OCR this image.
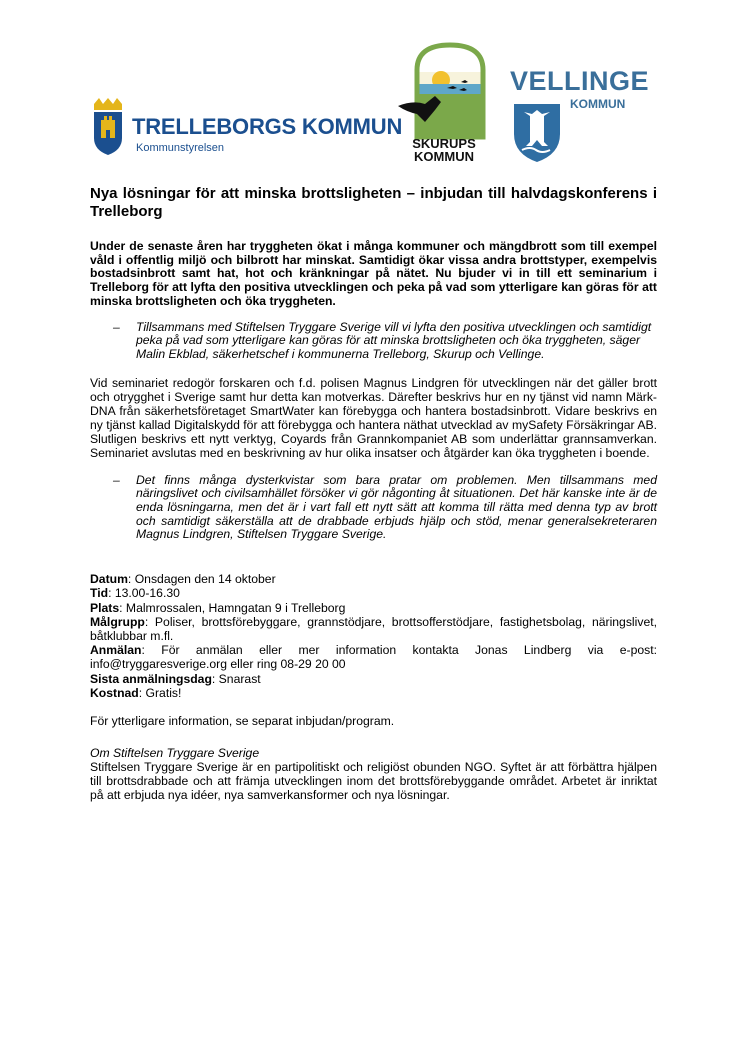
TRELLEBORGS KOMMUN
Kommunstyrelsen	SKURUPS
KOMMUN
VELLINGE
KOMMUN
Nya lösningar för att minska brottsligheten – inbjudan till halvdagskonferens i Trelleborg

Under de senaste åren har tryggheten ökat i många kommuner och mängdbrott som till exempel våld i offentlig miljö och bilbrott har minskat. Samtidigt ökar vissa andra brottstyper, exempelvis bostadsinbrott samt hat, hot och kränkningar på nätet. Nu bjuder vi in till ett seminarium i Trelleborg för att lyfta den positiva utvecklingen och peka på vad som ytterligare kan göras för att minska brottsligheten och öka tryggheten.

– Tillsammans med Stiftelsen Tryggare Sverige vill vi lyfta den positiva utvecklingen och samtidigt peka på vad som ytterligare kan göras för att minska brottsligheten och öka tryggheten, säger Malin Ekblad, säkerhetschef i kommunerna Trelleborg, Skurup och Vellinge.

Vid seminariet redogör forskaren och f.d. polisen Magnus Lindgren för utvecklingen när det gäller brott och otrygghet i Sverige samt hur detta kan motverkas. Därefter beskrivs hur en ny tjänst vid namn Märk-DNA från säkerhetsföretaget SmartWater kan förebygga och hantera bostadsinbrott. Vidare beskrivs en ny tjänst kallad Digitalskydd för att förebygga och hantera näthat utvecklad av mySafety Försäkringar AB. Slutligen beskrivs ett nytt verktyg, Coyards från Grannkompaniet AB som underlättar grannsamverkan. Seminariet avslutas med en beskrivning av hur olika insatser och åtgärder kan öka tryggheten i boende.

– Det finns många dysterkvistar som bara pratar om problemen. Men tillsammans med näringslivet och civilsamhället försöker vi gör någonting åt situationen. Det här kanske inte är de enda lösningarna, men det är i vart fall ett nytt sätt att komma till rätta med denna typ av brott och samtidigt säkerställa att de drabbade erbjuds hjälp och stöd, menar generalsekreteraren Magnus Lindgren, Stiftelsen Tryggare Sverige.
Datum: Onsdagen den 14 oktober
Tid: 13.00-16.30
Plats: Malmrossalen, Hamngatan 9 i Trelleborg
Målgrupp: Poliser, brottsförebyggare, grannstödjare, brottsofferstödjare, fastighetsbolag, näringslivet, båtklubbar m.fl.
Anmälan: För anmälan eller mer information kontakta Jonas Lindberg via e-post: info@tryggaresverige.org eller ring 08-29 20 00
Sista anmälningsdag: Snarast
Kostnad: Gratis!

För ytterligare information, se separat inbjudan/program.

Om Stiftelsen Tryggare Sverige

Stiftelsen Tryggare Sverige är en partipolitiskt och religiöst obunden NGO. Syftet är att förbättra hjälpen till brottsdrabbade och att främja utvecklingen inom det brottsförebyggande området. Arbetet är inriktat på att erbjuda nya idéer, nya samverkansformer och nya lösningar.
